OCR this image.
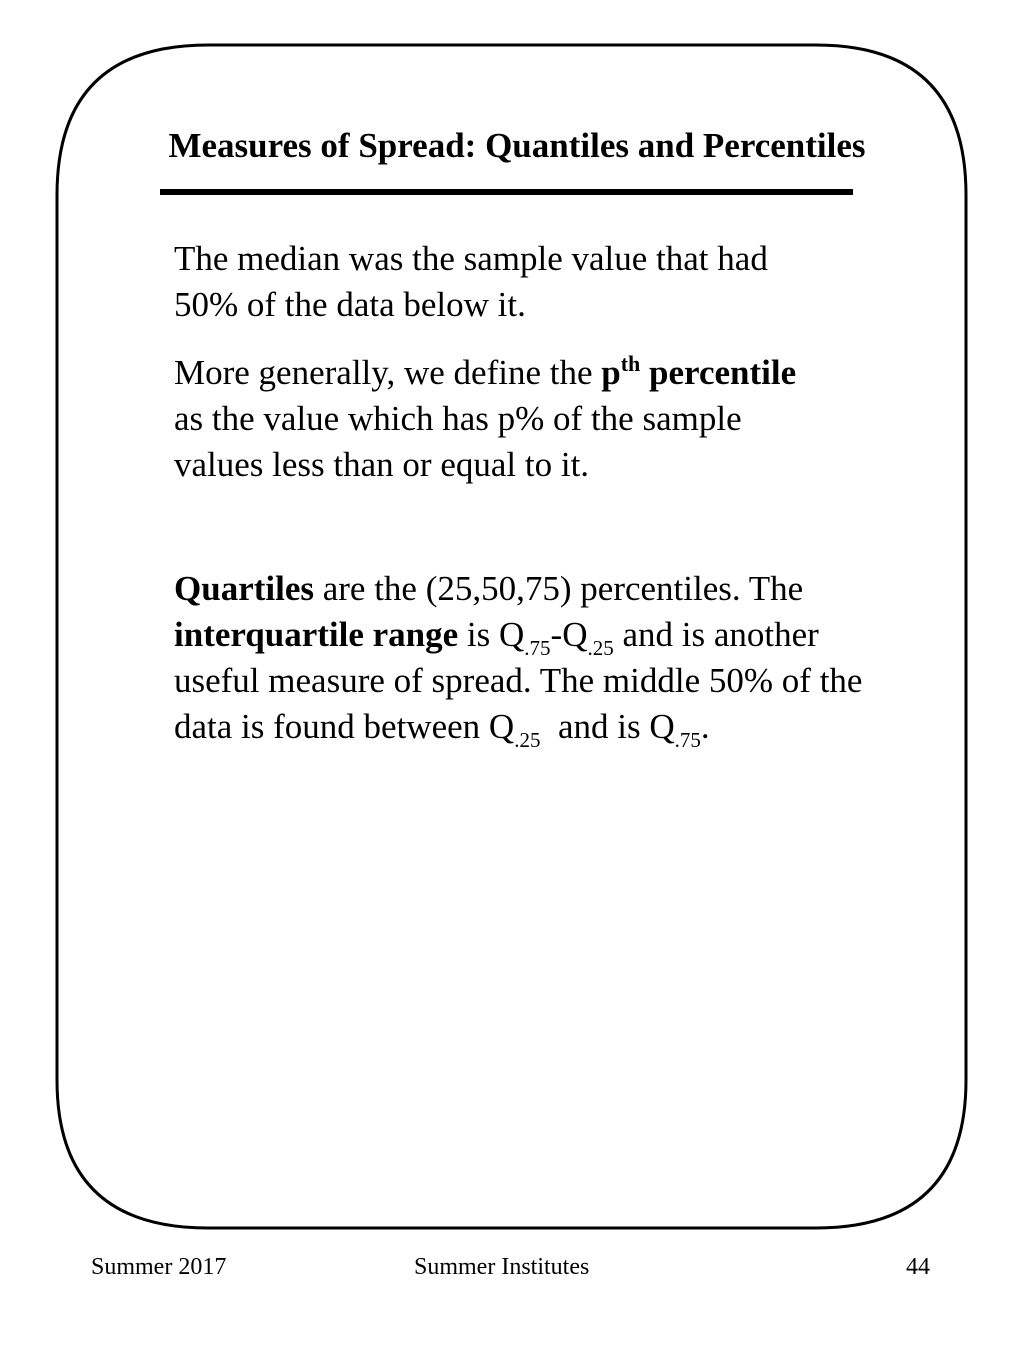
Measures of Spread: Quantiles and Percentiles

The median was the sample value that had
50% of the data below it.

More generally, we define the $p^{th}$ percentile
as the value which has p% of the sample
values less than or equal to it.

Quartiles are the (25,50,75) percentiles. The
interquartile range is $Q_{.75}-Q_{.25}$ and is another
useful measure of spread. The middle 50% of the
data is found between $Q_{.25}$  and is $Q_{.75}$.

Summer 2017	Summer Institutes	44
